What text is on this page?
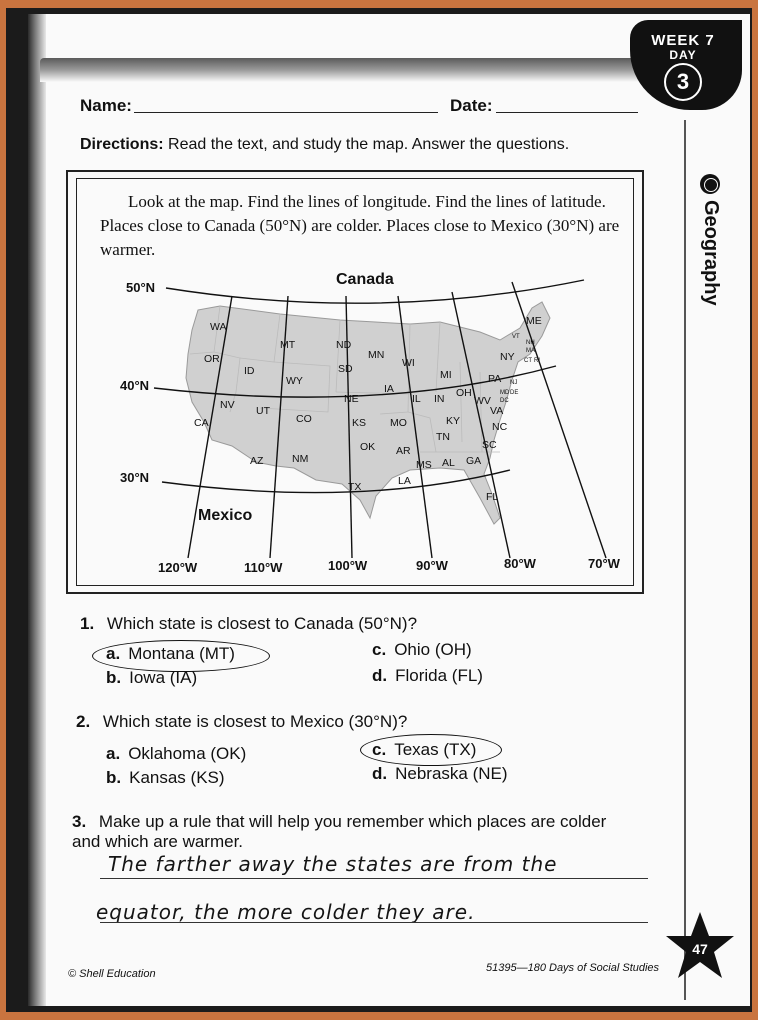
WEEK 7
DAY
3
Geography
Name:	Date:
Directions: Read the text, and study the map. Answer the questions.
Look at the map. Find the lines of longitude. Find the lines of latitude. Places close to Canada (50°N) are colder. Places close to Mexico (30°N) are warmer.
Canada
Mexico
50°N
40°N
30°N
120°W	110°W	100°W	90°W	80°W	70°W
WA
OR
CA
ID
NV
MT
WY
UT
AZ
CO
NM
ND
SD
NE
KS
OK
TX
MN
IA
MO
AR
LA
WI
IL
MI
IN OH
KY
TN
MS AL GA
FL
SC
NC
VA
WV
PA
NY
ME
VT
NH
MA
CT RI
NJ
DE
MD
DC
1. Which state is closest to Canada (50°N)?
a. Montana (MT)
b. Iowa (IA)
c. Ohio (OH)
d. Florida (FL)
2. Which state is closest to Mexico (30°N)?
a. Oklahoma (OK)
b. Kansas (KS)
c. Texas (TX)
d. Nebraska (NE)
3. Make up a rule that will help you remember which places are colder and which are warmer.
The farther away the states are from the
equator, the more colder they are.
© Shell Education	51395—180 Days of Social Studies
47
